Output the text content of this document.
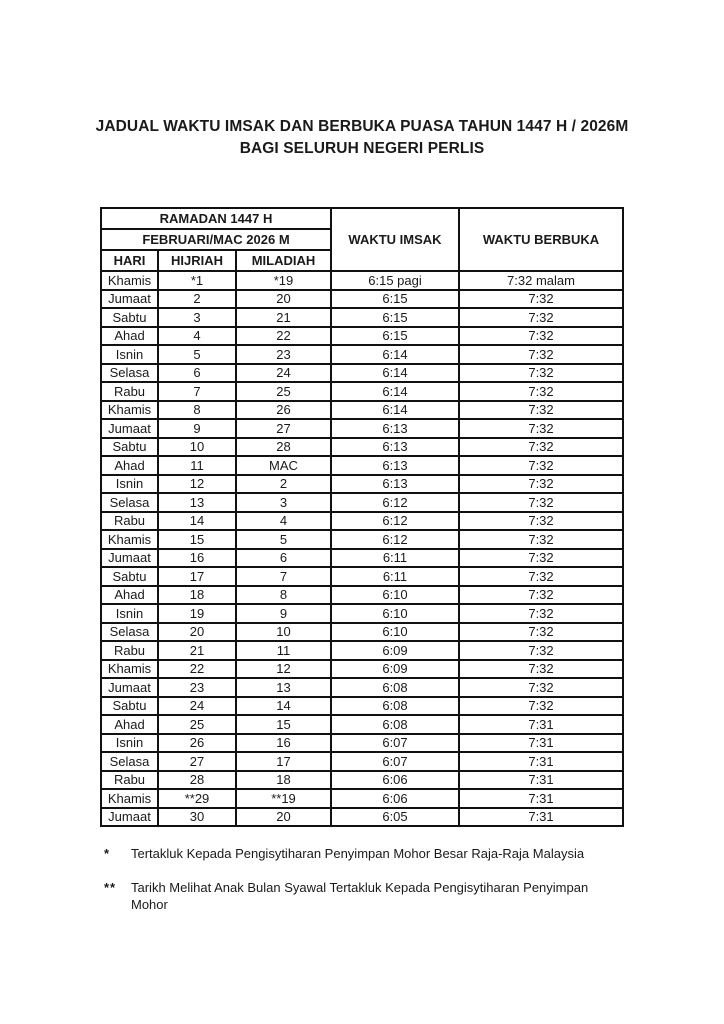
JADUAL WAKTU IMSAK DAN BERBUKA PUASA TAHUN 1447 H / 2026M
BAGI SELURUH NEGERI PERLIS
RAMADAN 1447 H			WAKTU IMSAK	WAKTU BERBUKA
FEBRUARI/MAC 2026 M				
HARI	HIJRIAH	MILADIAH		
Khamis	*1	*19	6:15 pagi	7:32 malam
Jumaat	2	20	6:15	7:32
Sabtu	3	21	6:15	7:32
Ahad	4	22	6:15	7:32
Isnin	5	23	6:14	7:32
Selasa	6	24	6:14	7:32
Rabu	7	25	6:14	7:32
Khamis	8	26	6:14	7:32
Jumaat	9	27	6:13	7:32
Sabtu	10	28	6:13	7:32
Ahad	11	MAC	6:13	7:32
Isnin	12	2	6:13	7:32
Selasa	13	3	6:12	7:32
Rabu	14	4	6:12	7:32
Khamis	15	5	6:12	7:32
Jumaat	16	6	6:11	7:32
Sabtu	17	7	6:11	7:32
Ahad	18	8	6:10	7:32
Isnin	19	9	6:10	7:32
Selasa	20	10	6:10	7:32
Rabu	21	11	6:09	7:32
Khamis	22	12	6:09	7:32
Jumaat	23	13	6:08	7:32
Sabtu	24	14	6:08	7:32
Ahad	25	15	6:08	7:31
Isnin	26	16	6:07	7:31
Selasa	27	17	6:07	7:31
Rabu	28	18	6:06	7:31
Khamis	**29	**19	6:06	7:31
Jumaat	30	20	6:05	7:31
*	Tertakluk Kepada Pengisytiharan Penyimpan Mohor Besar Raja-Raja Malaysia
**	Tarikh Melihat Anak Bulan Syawal Tertakluk Kepada Pengisytiharan Penyimpan Mohor
